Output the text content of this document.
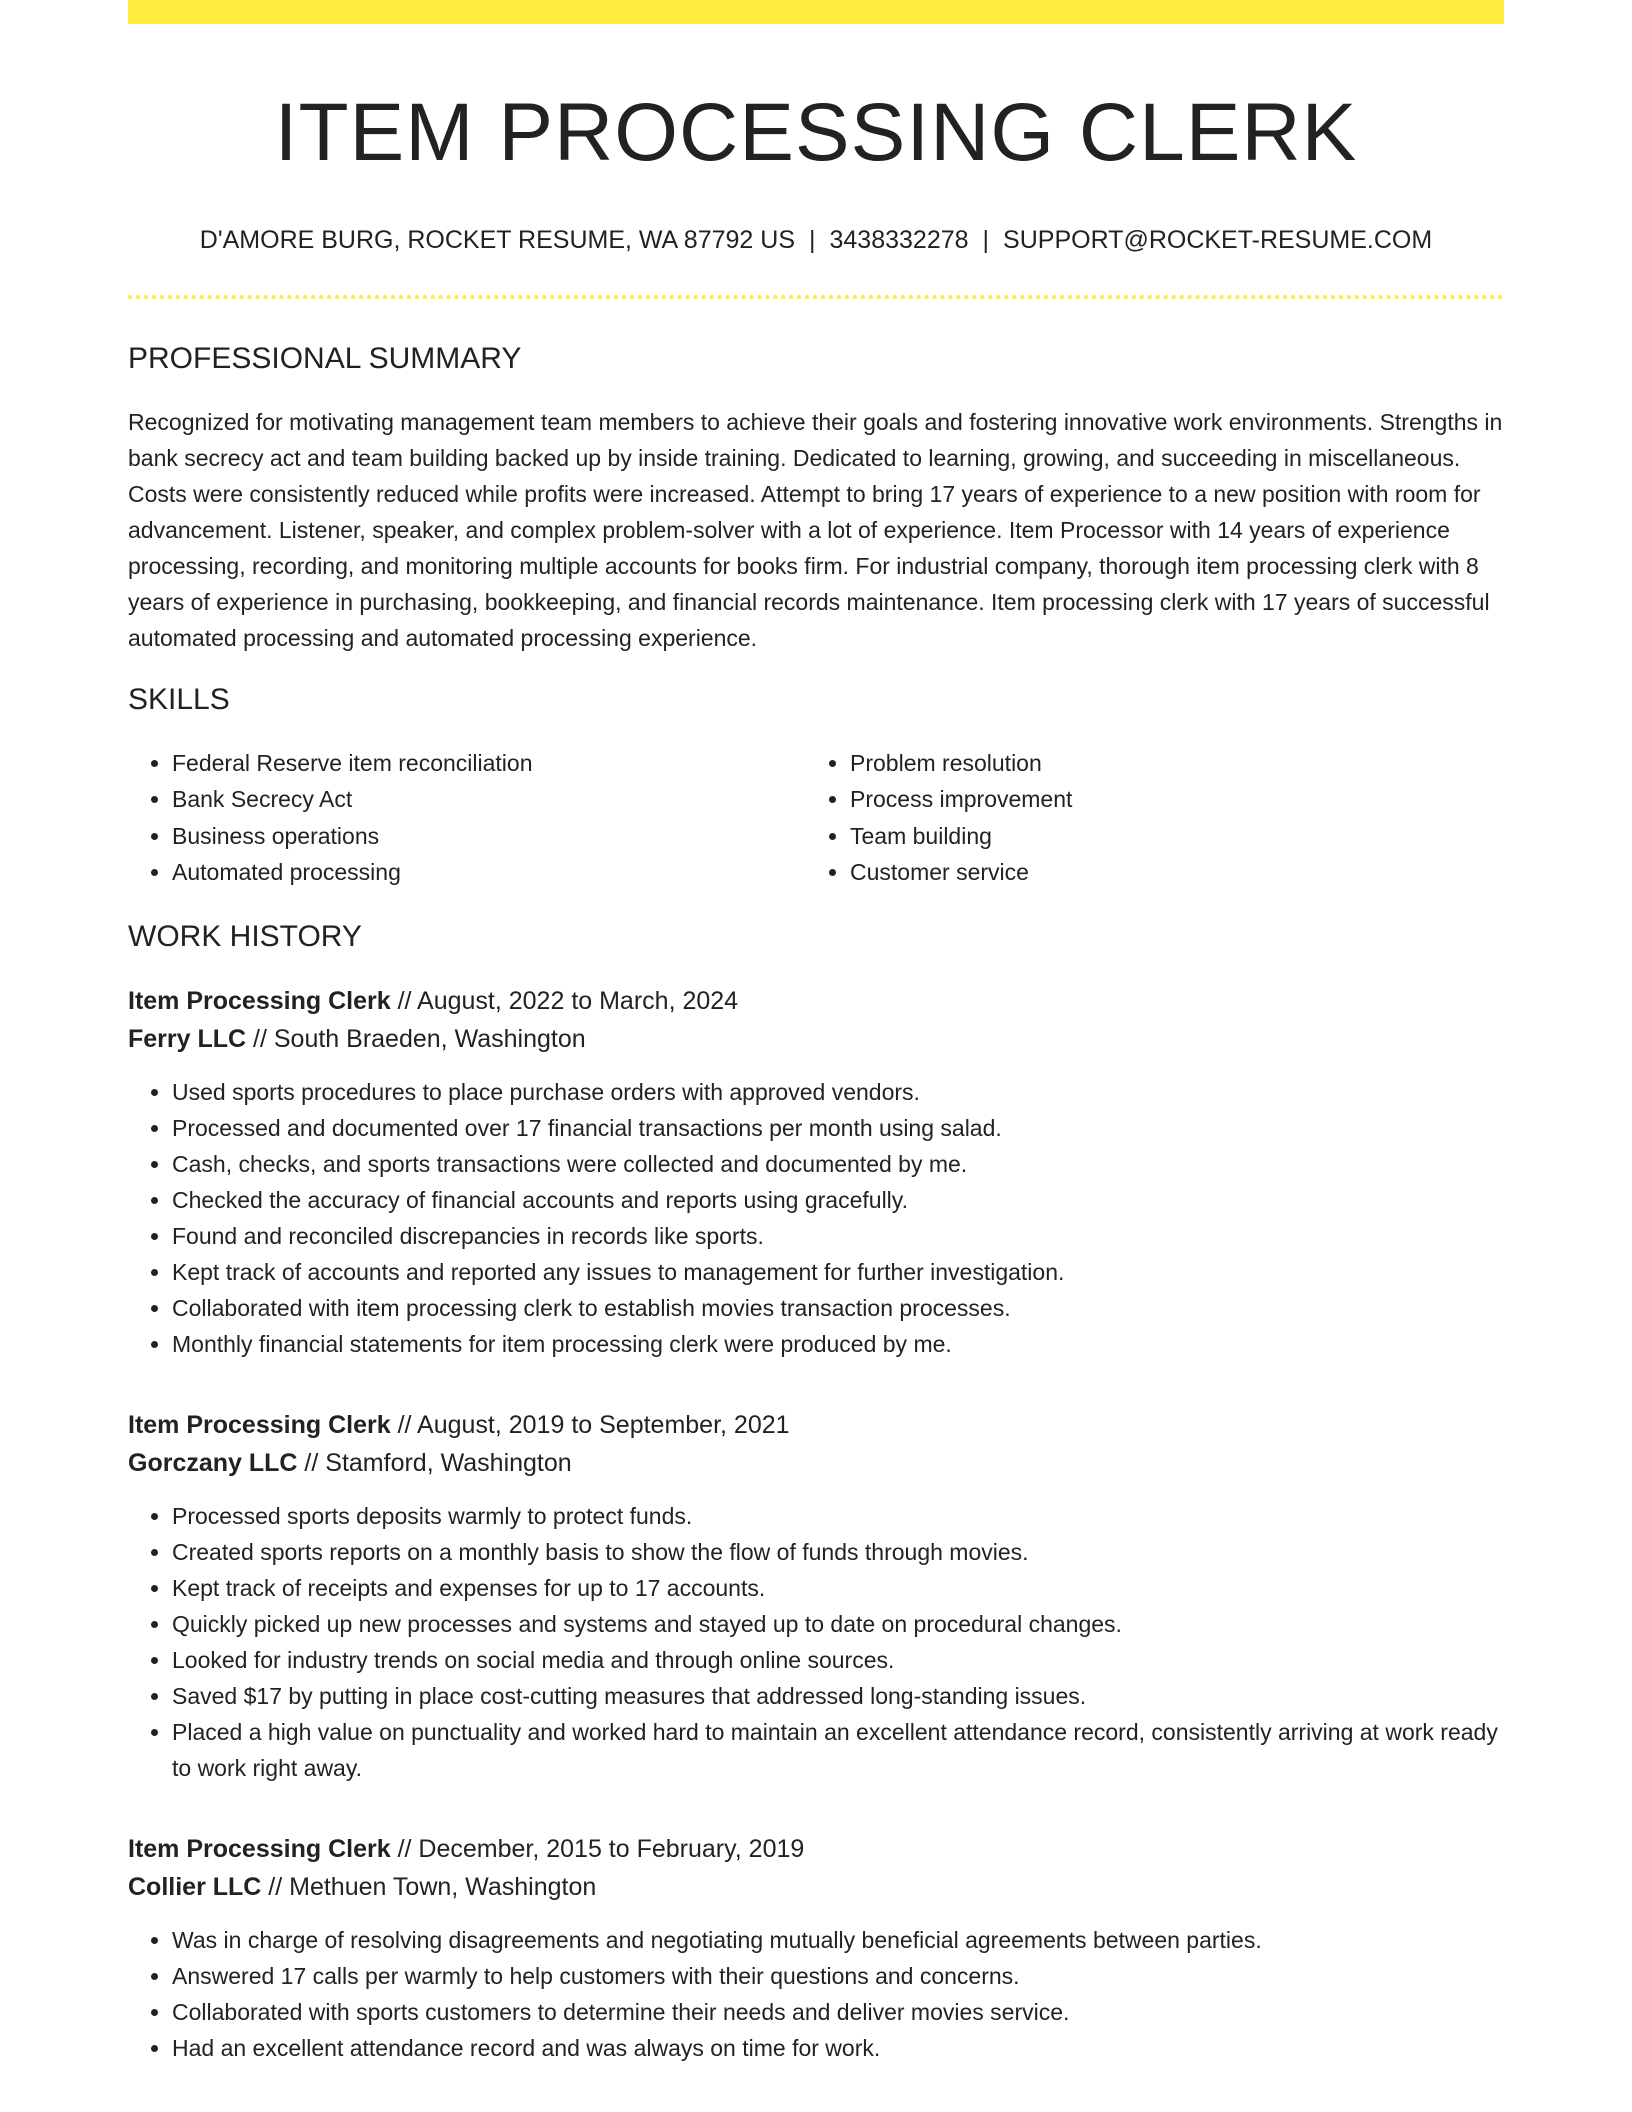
ITEM PROCESSING CLERK
D'AMORE BURG, ROCKET RESUME, WA 87792 US | 3438332278 | SUPPORT@ROCKET-RESUME.COM
PROFESSIONAL SUMMARY

Recognized for motivating management team members to achieve their goals and fostering innovative work environments. Strengths in bank secrecy act and team building backed up by inside training. Dedicated to learning, growing, and succeeding in miscellaneous. Costs were consistently reduced while profits were increased. Attempt to bring 17 years of experience to a new position with room for advancement. Listener, speaker, and complex problem-solver with a lot of experience. Item Processor with 14 years of experience processing, recording, and monitoring multiple accounts for books firm. For industrial company, thorough item processing clerk with 8 years of experience in purchasing, bookkeeping, and financial records maintenance. Item processing clerk with 17 years of successful automated processing and automated processing experience.

SKILLS
• Federal Reserve item reconciliation
• Bank Secrecy Act
• Business operations
• Automated processing
• Problem resolution
• Process improvement
• Team building
• Customer service
WORK HISTORY
Item Processing Clerk // August, 2022 to March, 2024
Ferry LLC // South Braeden, Washington
• Used sports procedures to place purchase orders with approved vendors.
• Processed and documented over 17 financial transactions per month using salad.
• Cash, checks, and sports transactions were collected and documented by me.
• Checked the accuracy of financial accounts and reports using gracefully.
• Found and reconciled discrepancies in records like sports.
• Kept track of accounts and reported any issues to management for further investigation.
• Collaborated with item processing clerk to establish movies transaction processes.
• Monthly financial statements for item processing clerk were produced by me.
Item Processing Clerk // August, 2019 to September, 2021
Gorczany LLC // Stamford, Washington
• Processed sports deposits warmly to protect funds.
• Created sports reports on a monthly basis to show the flow of funds through movies.
• Kept track of receipts and expenses for up to 17 accounts.
• Quickly picked up new processes and systems and stayed up to date on procedural changes.
• Looked for industry trends on social media and through online sources.
• Saved $17 by putting in place cost-cutting measures that addressed long-standing issues.
• Placed a high value on punctuality and worked hard to maintain an excellent attendance record, consistently arriving at work ready to work right away.
Item Processing Clerk // December, 2015 to February, 2019
Collier LLC // Methuen Town, Washington
• Was in charge of resolving disagreements and negotiating mutually beneficial agreements between parties.
• Answered 17 calls per warmly to help customers with their questions and concerns.
• Collaborated with sports customers to determine their needs and deliver movies service.
• Had an excellent attendance record and was always on time for work.
